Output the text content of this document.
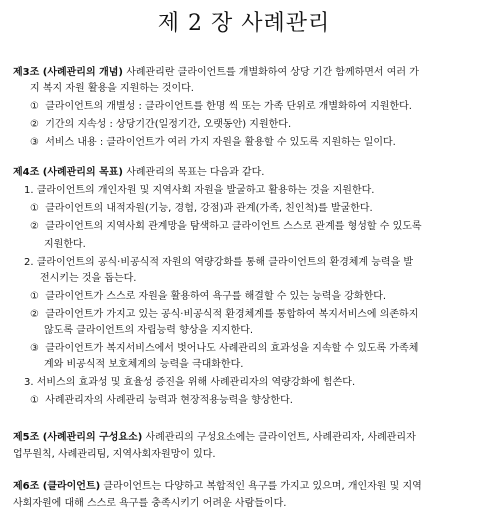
제 2 장 사례관리
제3조 (사례관리의 개념) 사례관리란 클라이언트를 개별화하여 상당 기간 함께하면서 여러 가
지 복지 자원 활용을 지원하는 것이다.
① 클라이언트의 개별성 : 클라이언트를 한명 씩 또는 가족 단위로 개별화하여 지원한다.
② 기간의 지속성 : 상당기간(일정기간, 오랫동안) 지원한다.
③ 서비스 내용 : 클라이언트가 여러 가지 자원을 활용할 수 있도록 지원하는 일이다.
제4조 (사례관리의 목표) 사례관리의 목표는 다음과 같다.
1. 클라이언트의 개인자원 및 지역사회 자원을 발굴하고 활용하는 것을 지원한다.
① 클라이언트의 내적자원(기능, 경험, 강점)과 관계(가족, 친인척)를 발굴한다.
② 클라이언트의 지역사회 관계망을 탐색하고 클라이언트 스스로 관계를 형성할 수 있도록
지원한다.
2. 클라이언트의 공식·비공식적 자원의 역량강화를 통해 클라이언트의 환경체계 능력을 발
전시키는 것을 돕는다.
① 클라이언트가 스스로 자원을 활용하여 욕구를 해결할 수 있는 능력을 강화한다.
② 클라이언트가 가지고 있는 공식·비공식적 환경체계를 통합하여 복지서비스에 의존하지
않도록 클라이언트의 자립능력 향상을 지지한다.
③ 클라이언트가 복지서비스에서 벗어나도 사례관리의 효과성을 지속할 수 있도록 가족체
계와 비공식적 보호체계의 능력을 극대화한다.
3. 서비스의 효과성 및 효율성 증진을 위해 사례관리자의 역량강화에 힘쓴다.
① 사례관리자의 사례관리 능력과 현장적용능력을 향상한다.
제5조 (사례관리의 구성요소) 사례관리의 구성요소에는 클라이언트, 사례관리자, 사례관리자
업무원칙, 사례관리팀, 지역사회자원망이 있다.
제6조 (클라이언트) 클라이언트는 다양하고 복합적인 욕구를 가지고 있으며, 개인자원 및 지역
사회자원에 대해 스스로 욕구를 충족시키기 어려운 사람들이다.
